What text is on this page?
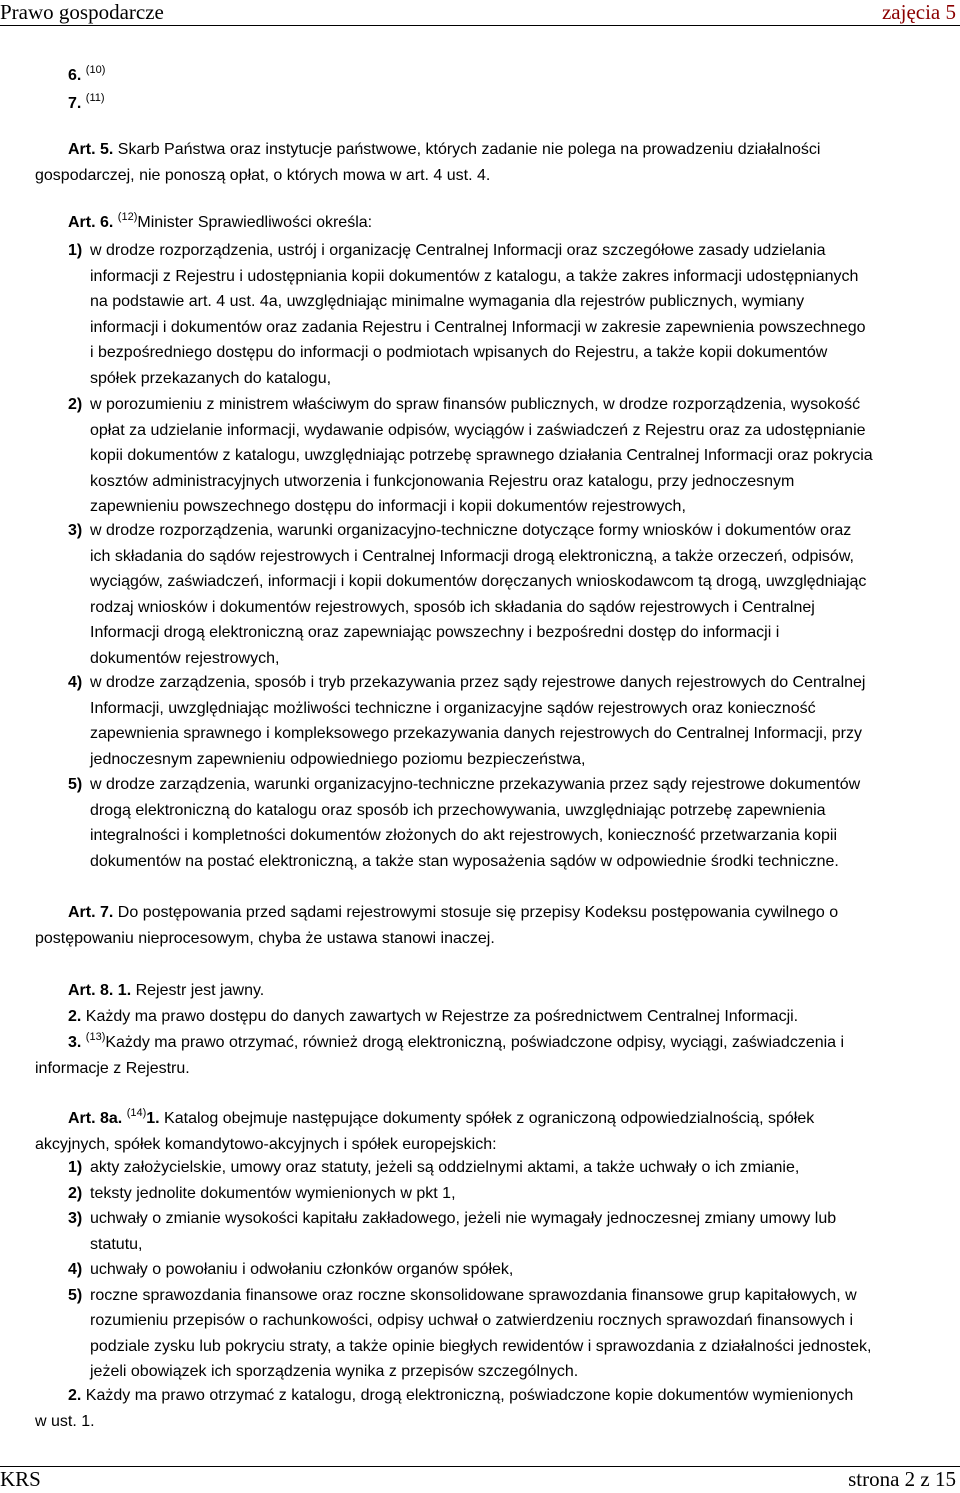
Prawo gospodarcze	zajęcia 5
6. $^{(10)}$
7. $^{(11)}$
Art. 5. Skarb Państwa oraz instytucje państwowe, których zadanie nie polega na prowadzeniu działalności
gospodarczej, nie ponoszą opłat, o których mowa w art. 4 ust. 4.
Art. 6. $^{(12)}$Minister Sprawiedliwości określa:
1) w drodze rozporządzenia, ustrój i organizację Centralnej Informacji oraz szczegółowe zasady udzielania
informacji z Rejestru i udostępniania kopii dokumentów z katalogu, a także zakres informacji udostępnianych
na podstawie art. 4 ust. 4a, uwzględniając minimalne wymagania dla rejestrów publicznych, wymiany
informacji i dokumentów oraz zadania Rejestru i Centralnej Informacji w zakresie zapewnienia powszechnego
i bezpośredniego dostępu do informacji o podmiotach wpisanych do Rejestru, a także kopii dokumentów
spółek przekazanych do katalogu,
2) w porozumieniu z ministrem właściwym do spraw finansów publicznych, w drodze rozporządzenia, wysokość
opłat za udzielanie informacji, wydawanie odpisów, wyciągów i zaświadczeń z Rejestru oraz za udostępnianie
kopii dokumentów z katalogu, uwzględniając potrzebę sprawnego działania Centralnej Informacji oraz pokrycia
kosztów administracyjnych utworzenia i funkcjonowania Rejestru oraz katalogu, przy jednoczesnym
zapewnieniu powszechnego dostępu do informacji i kopii dokumentów rejestrowych,
3) w drodze rozporządzenia, warunki organizacyjno-techniczne dotyczące formy wniosków i dokumentów oraz
ich składania do sądów rejestrowych i Centralnej Informacji drogą elektroniczną, a także orzeczeń, odpisów,
wyciągów, zaświadczeń, informacji i kopii dokumentów doręczanych wnioskodawcom tą drogą, uwzględniając
rodzaj wniosków i dokumentów rejestrowych, sposób ich składania do sądów rejestrowych i Centralnej
Informacji drogą elektroniczną oraz zapewniając powszechny i bezpośredni dostęp do informacji i
dokumentów rejestrowych,
4) w drodze zarządzenia, sposób i tryb przekazywania przez sądy rejestrowe danych rejestrowych do Centralnej
Informacji, uwzględniając możliwości techniczne i organizacyjne sądów rejestrowych oraz konieczność
zapewnienia sprawnego i kompleksowego przekazywania danych rejestrowych do Centralnej Informacji, przy
jednoczesnym zapewnieniu odpowiedniego poziomu bezpieczeństwa,
5) w drodze zarządzenia, warunki organizacyjno-techniczne przekazywania przez sądy rejestrowe dokumentów
drogą elektroniczną do katalogu oraz sposób ich przechowywania, uwzględniając potrzebę zapewnienia
integralności i kompletności dokumentów złożonych do akt rejestrowych, konieczność przetwarzania kopii
dokumentów na postać elektroniczną, a także stan wyposażenia sądów w odpowiednie środki techniczne.
Art. 7. Do postępowania przed sądami rejestrowymi stosuje się przepisy Kodeksu postępowania cywilnego o
postępowaniu nieprocesowym, chyba że ustawa stanowi inaczej.
Art. 8. 1. Rejestr jest jawny.
2. Każdy ma prawo dostępu do danych zawartych w Rejestrze za pośrednictwem Centralnej Informacji.
3. $^{(13)}$Każdy ma prawo otrzymać, również drogą elektroniczną, poświadczone odpisy, wyciągi, zaświadczenia i
informacje z Rejestru.
Art. 8a. $^{(14)}$1. Katalog obejmuje następujące dokumenty spółek z ograniczoną odpowiedzialnością, spółek
akcyjnych, spółek komandytowo-akcyjnych i spółek europejskich:
1) akty założycielskie, umowy oraz statuty, jeżeli są oddzielnymi aktami, a także uchwały o ich zmianie,
2) teksty jednolite dokumentów wymienionych w pkt 1,
3) uchwały o zmianie wysokości kapitału zakładowego, jeżeli nie wymagały jednoczesnej zmiany umowy lub
statutu,
4) uchwały o powołaniu i odwołaniu członków organów spółek,
5) roczne sprawozdania finansowe oraz roczne skonsolidowane sprawozdania finansowe grup kapitałowych, w
rozumieniu przepisów o rachunkowości, odpisy uchwał o zatwierdzeniu rocznych sprawozdań finansowych i
podziale zysku lub pokryciu straty, a także opinie biegłych rewidentów i sprawozdania z działalności jednostek,
jeżeli obowiązek ich sporządzenia wynika z przepisów szczególnych.
2. Każdy ma prawo otrzymać z katalogu, drogą elektroniczną, poświadczone kopie dokumentów wymienionych
w ust. 1.
KRS	strona 2 z 15
